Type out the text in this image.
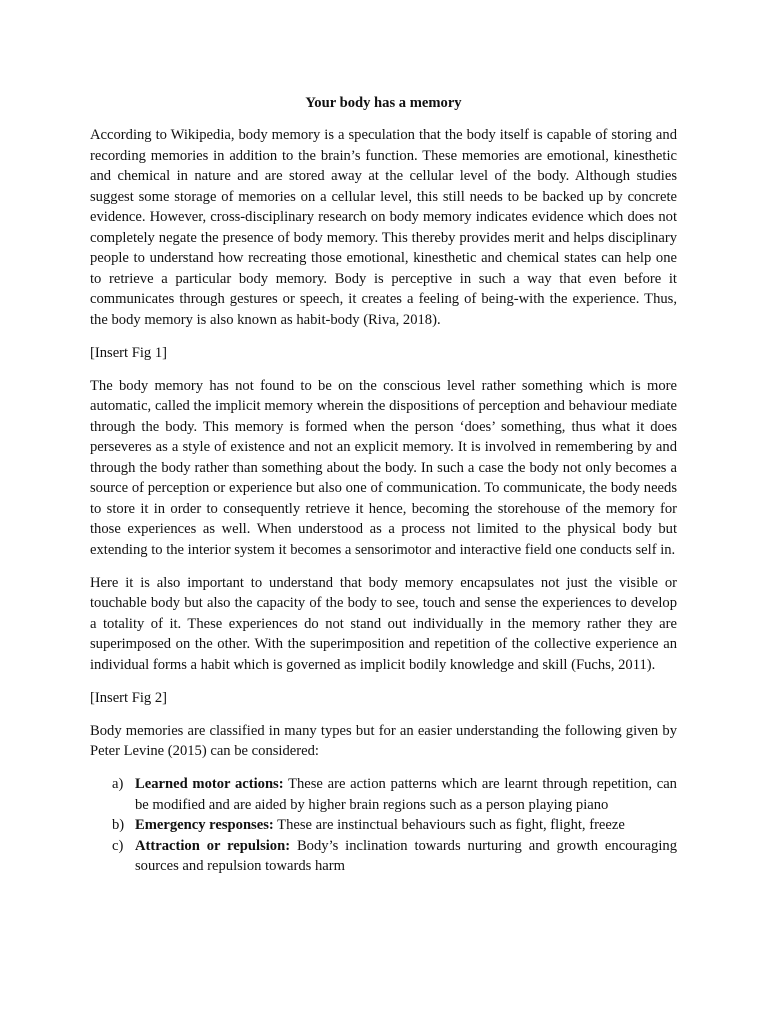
Your body has a memory

According to Wikipedia, body memory is a speculation that the body itself is capable of storing and recording memories in addition to the brain’s function. These memories are emotional, kinesthetic and chemical in nature and are stored away at the cellular level of the body. Although studies suggest some storage of memories on a cellular level, this still needs to be backed up by concrete evidence. However, cross-disciplinary research on body memory indicates evidence which does not completely negate the presence of body memory. This thereby provides merit and helps disciplinary people to understand how recreating those emotional, kinesthetic and chemical states can help one to retrieve a particular body memory. Body is perceptive in such a way that even before it communicates through gestures or speech, it creates a feeling of being-with the experience. Thus, the body memory is also known as habit-body (Riva, 2018).

[Insert Fig 1]

The body memory has not found to be on the conscious level rather something which is more automatic, called the implicit memory wherein the dispositions of perception and behaviour mediate through the body. This memory is formed when the person ‘does’ something, thus what it does perseveres as a style of existence and not an explicit memory. It is involved in remembering by and through the body rather than something about the body. In such a case the body not only becomes a source of perception or experience but also one of communication. To communicate, the body needs to store it in order to consequently retrieve it hence, becoming the storehouse of the memory for those experiences as well. When understood as a process not limited to the physical body but extending to the interior system it becomes a sensorimotor and interactive field one conducts self in.

Here it is also important to understand that body memory encapsulates not just the visible or touchable body but also the capacity of the body to see, touch and sense the experiences to develop a totality of it. These experiences do not stand out individually in the memory rather they are superimposed on the other. With the superimposition and repetition of the collective experience an individual forms a habit which is governed as implicit bodily knowledge and skill (Fuchs, 2011).

[Insert Fig 2]

Body memories are classified in many types but for an easier understanding the following given by Peter Levine (2015) can be considered:

a) Learned motor actions: These are action patterns which are learnt through repetition, can be modified and are aided by higher brain regions such as a person playing piano
b) Emergency responses: These are instinctual behaviours such as fight, flight, freeze
c) Attraction or repulsion: Body’s inclination towards nurturing and growth encouraging sources and repulsion towards harm
